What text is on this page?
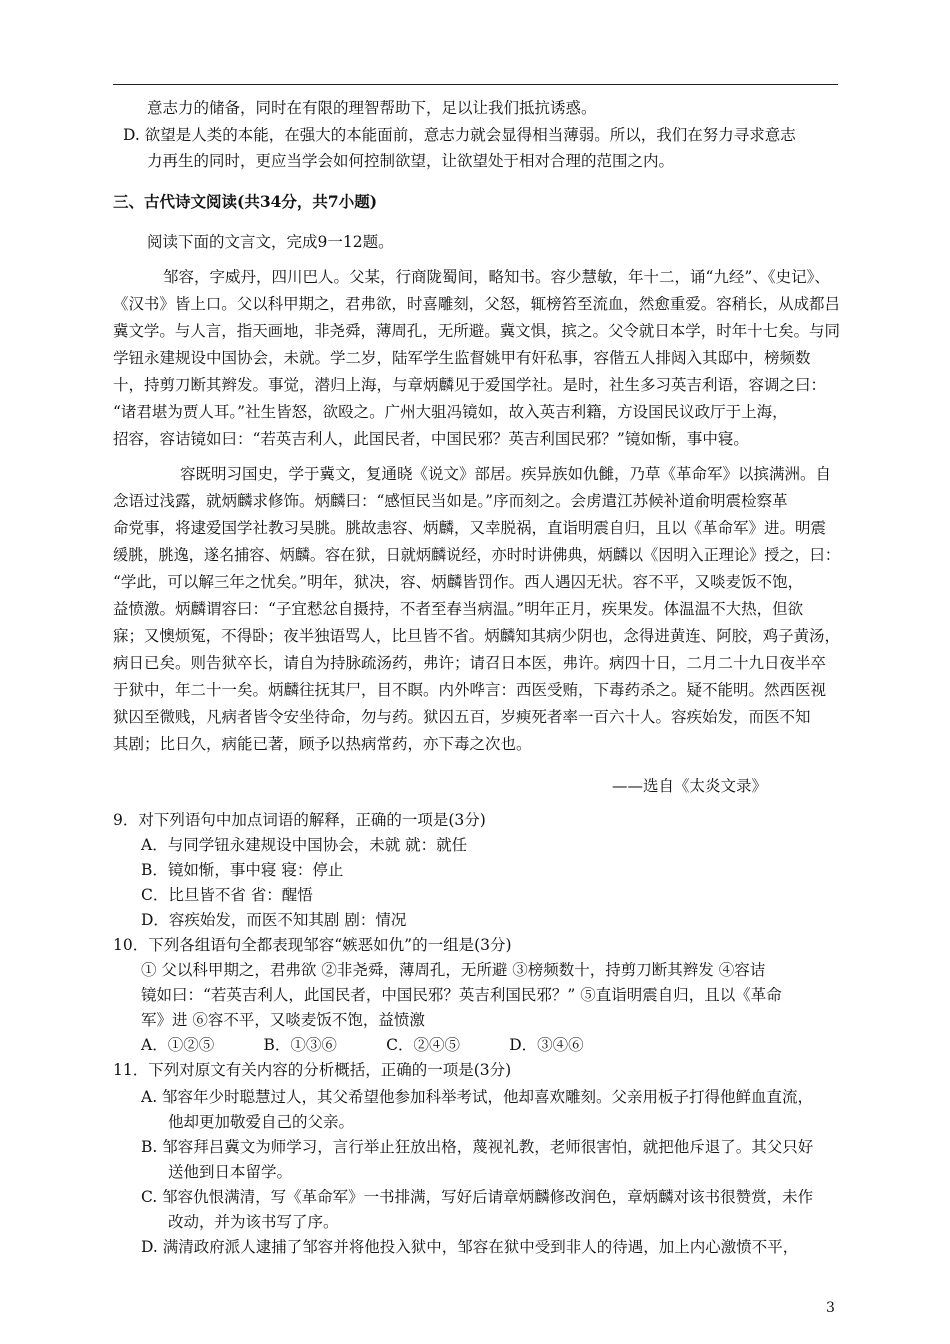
意志力的储备，同时在有限的理智帮助下，足以让我们抵抗诱惑。
D. 欲望是人类的本能，在强大的本能面前，意志力就会显得相当薄弱。所以，我们在努力寻求意志
力再生的同时，更应当学会如何控制欲望，让欲望处于相对合理的范围之内。
三、古代诗文阅读(共34分，共7小题)
阅读下面的文言文，完成9一12题。
邹容，字威丹，四川巴人。父某，行商陇蜀间，略知书。容少慧敏，年十二，诵“九经”、《史记》、
《汉书》皆上口。父以科甲期之，君弗欲，时喜雕刻，父怒，辄榜笞至流血，然愈重爱。容稍长，从成都吕
冀文学。与人言，指天画地，非尧舜，薄周孔，无所避。冀文惧，摈之。父令就日本学，时年十七矣。与同
学钮永建规设中国协会，未就。学二岁，陆军学生监督姚甲有奸私事，容偕五人排闼入其邸中，榜频数
十，持剪刀断其辫发。事觉，潜归上海，与章炳麟见于爱国学社。是时，社生多习英吉利语，容调之曰：
“诸君堪为贾人耳。”社生皆怒，欲殴之。广州大驵冯镜如，故入英吉利籍，方设国民议政厅于上海，
招容，容诘镜如曰：“若英吉利人，此国民者，中国民邪？英吉利国民邪？”镜如惭，事中寝。
容既明习国史，学于冀文，复通晓《说文》部居。疾异族如仇雠，乃草《革命军》以摈满洲。自
念语过浅露，就炳麟求修饰。炳麟曰：“感恒民当如是。”序而刻之。会虏遣江苏候补道俞明震检察革
命党事，将逮爱国学社教习吴朓。朓故恚容、炳麟，又幸脱祸，直诣明震自归，且以《革命军》进。明震
缓朓，朓逸，遂名捕容、炳麟。容在狱，日就炳麟说经，亦时时讲佛典，炳麟以《因明入正理论》授之，曰：
“学此，可以解三年之忧矣。”明年，狱决，容、炳麟皆罚作。西人遇囚无状。容不平，又啖麦饭不饱，
益愤激。炳麟谓容曰：“子宜慭忿自摄持，不者至春当病温。”明年正月，疾果发。体温温不大热，但欲
寐；又懊烦冤，不得卧；夜半独语骂人，比旦皆不省。炳麟知其病少阴也，念得进黄连、阿胶，鸡子黄汤，
病日已矣。则告狱卒长，请自为持脉疏汤药，弗许；请召日本医，弗许。病四十日，二月二十九日夜半卒
于狱中，年二十一矣。炳麟往抚其尸，目不瞑。内外哗言：西医受贿，下毒药杀之。疑不能明。然西医视
狱囚至微贱，凡病者皆令安坐待命，勿与药。狱囚五百，岁瘐死者率一百六十人。容疾始发，而医不知
其剧；比日久，病能已著，顾予以热病常药，亦下毒之次也。
——选自《太炎文录》
9．对下列语句中加点词语的解释，正确的一项是(3分)
A．与同学钮永建规设中国协会，未就 就：就任
B．镜如惭，事中寝 寝：停止
C．比旦皆不省 省：醒悟
D．容疾始发，而医不知其剧 剧：情况
10．下列各组语句全都表现邹容“嫉恶如仇”的一组是(3分)
① 父以科甲期之，君弗欲 ②非尧舜，薄周孔，无所避 ③榜频数十，持剪刀断其辫发 ④容诘
镜如曰：“若英吉利人，此国民者，中国民邪？英吉利国民邪？” ⑤直诣明震自归，且以《革命
军》进 ⑥容不平，又啖麦饭不饱，益愤激
A．①②⑤          B．①③⑥          C．②④⑤          D．③④⑥
11．下列对原文有关内容的分析概括，正确的一项是(3分)
A. 邹容年少时聪慧过人，其父希望他参加科举考试，他却喜欢雕刻。父亲用板子打得他鲜血直流，
他却更加敬爱自己的父亲。
B. 邹容拜吕冀文为师学习，言行举止狂放出格，蔑视礼教，老师很害怕，就把他斥退了。其父只好
送他到日本留学。
C. 邹容仇恨满清，写《革命军》一书排满，写好后请章炳麟修改润色，章炳麟对该书很赞赏，未作
改动，并为该书写了序。
D. 满清政府派人逮捕了邹容并将他投入狱中，邹容在狱中受到非人的待遇，加上内心激愤不平，
3
